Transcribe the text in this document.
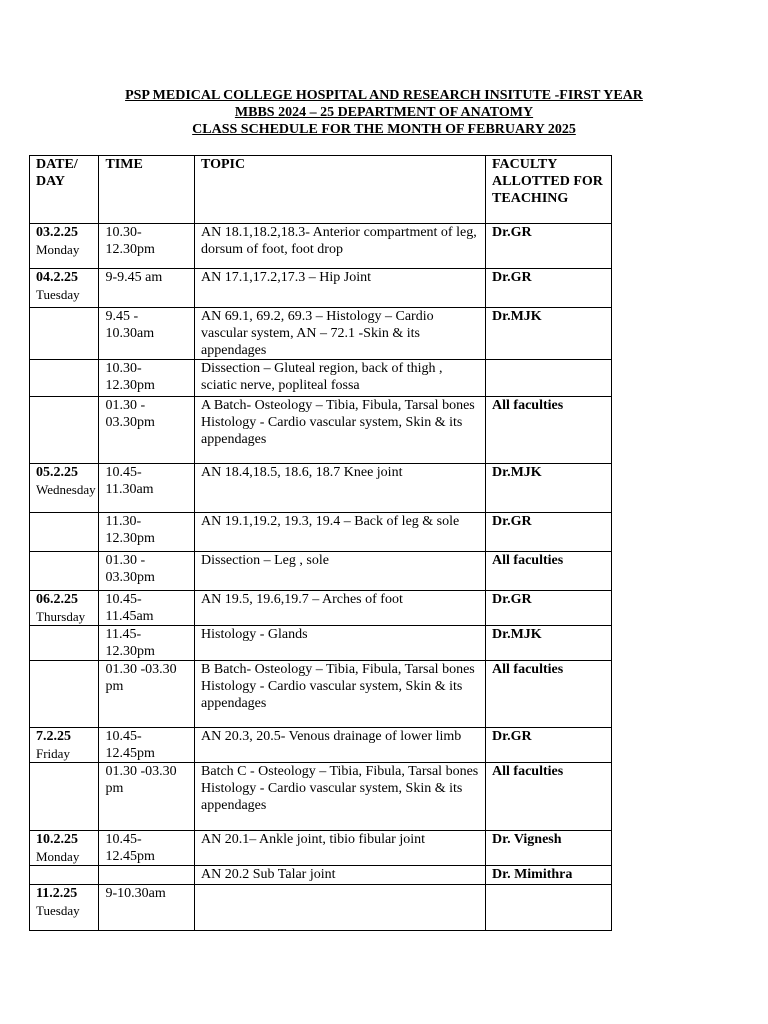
PSP MEDICAL COLLEGE HOSPITAL AND RESEARCH INSITUTE -FIRST YEAR
MBBS 2024 – 25 DEPARTMENT OF ANATOMY
CLASS SCHEDULE FOR THE MONTH OF FEBRUARY 2025
DATE/ DAY	TIME	TOPIC	FACULTY ALLOTTED FOR TEACHING

03.2.25
Monday	10.30-12.30pm	AN 18.1,18.2,18.3- Anterior compartment of leg, dorsum of foot, foot drop	Dr.GR

04.2.25
Tuesday	9-9.45 am	AN 17.1,17.2,17.3 – Hip Joint	Dr.GR

	9.45 - 10.30am	AN 69.1, 69.2, 69.3 – Histology – Cardio vascular system, AN – 72.1 -Skin & its appendages	Dr.MJK

	10.30-12.30pm	Dissection – Gluteal region, back of thigh , sciatic nerve, popliteal fossa	

	01.30 - 03.30pm	A Batch- Osteology – Tibia, Fibula, Tarsal bones
Histology - Cardio vascular system, Skin & its appendages	All faculties

05.2.25
Wednesday	10.45-11.30am	AN 18.4,18.5, 18.6, 18.7 Knee joint	Dr.MJK

	11.30-12.30pm	AN 19.1,19.2, 19.3, 19.4 – Back of leg & sole	Dr.GR

	01.30 - 03.30pm	Dissection – Leg , sole	All faculties

06.2.25
Thursday	10.45-11.45am	AN 19.5, 19.6,19.7 – Arches of foot	Dr.GR

	11.45-12.30pm	Histology - Glands	Dr.MJK

	01.30 -03.30 pm	B Batch- Osteology – Tibia, Fibula, Tarsal bones
Histology - Cardio vascular system, Skin & its appendages	All faculties

7.2.25
Friday	10.45-12.45pm	AN 20.3, 20.5- Venous drainage of lower limb	Dr.GR

	01.30 -03.30 pm	Batch C - Osteology – Tibia, Fibula, Tarsal bones
Histology - Cardio vascular system, Skin & its appendages	All faculties

10.2.25
Monday	10.45-12.45pm	AN 20.1– Ankle joint, tibio fibular joint	Dr. Vignesh

		AN 20.2 Sub Talar joint	Dr. Mimithra

11.2.25
Tuesday	9-10.30am	
